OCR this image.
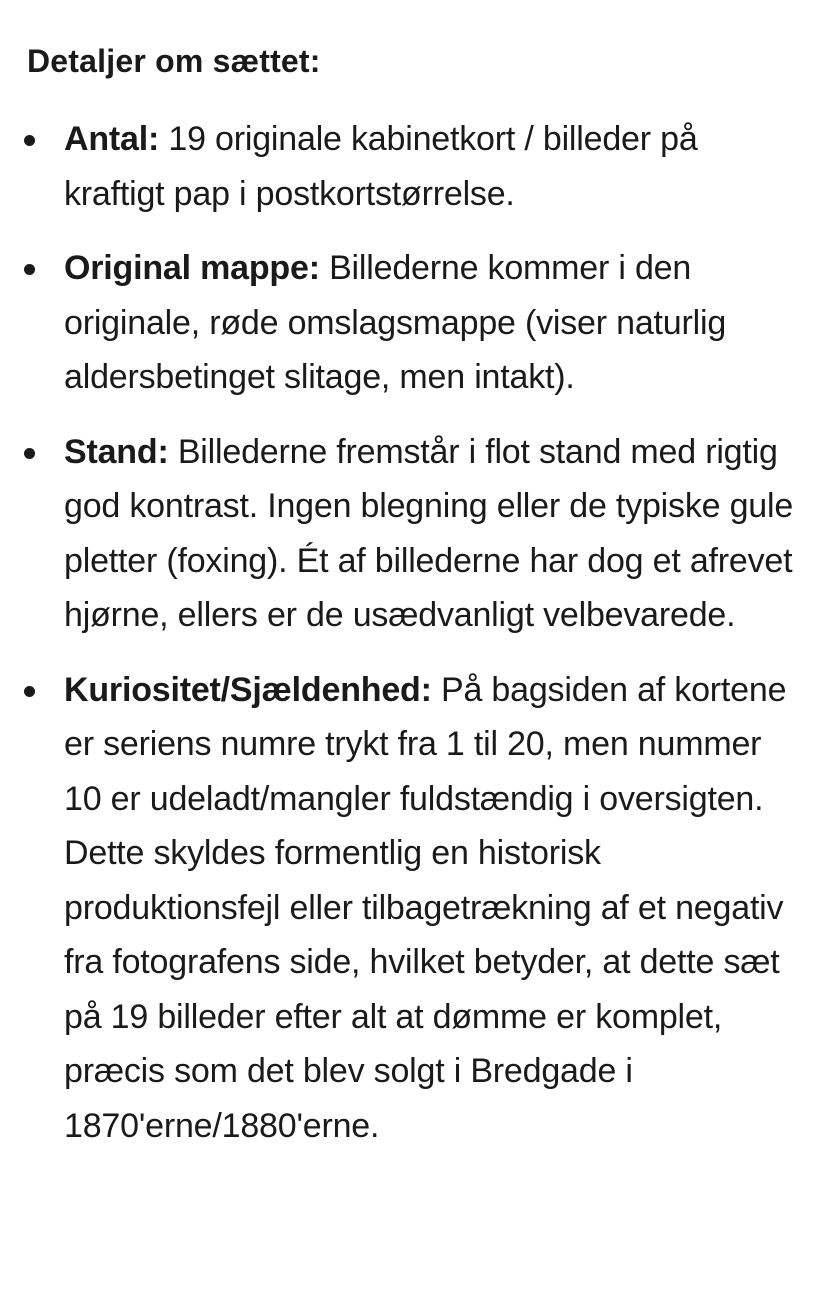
Detaljer om sættet:
Antal: 19 originale kabinetkort / billeder på kraftigt pap i postkortstørrelse.
Original mappe: Billederne kommer i den originale, røde omslagsmappe (viser naturlig aldersbetinget slitage, men intakt).
Stand: Billederne fremstår i flot stand med rigtig god kontrast. Ingen blegning eller de typiske gule pletter (foxing). Ét af billederne har dog et afrevet hjørne, ellers er de usædvanligt velbevarede.
Kuriositet/Sjældenhed: På bagsiden af kortene er seriens numre trykt fra 1 til 20, men nummer 10 er udeladt/mangler fuldstændig i oversigten. Dette skyldes formentlig en historisk produktionsfejl eller tilbagetrækning af et negativ fra fotografens side, hvilket betyder, at dette sæt på 19 billeder efter alt at dømme er komplet, præcis som det blev solgt i Bredgade i 1870'erne/1880'erne.
